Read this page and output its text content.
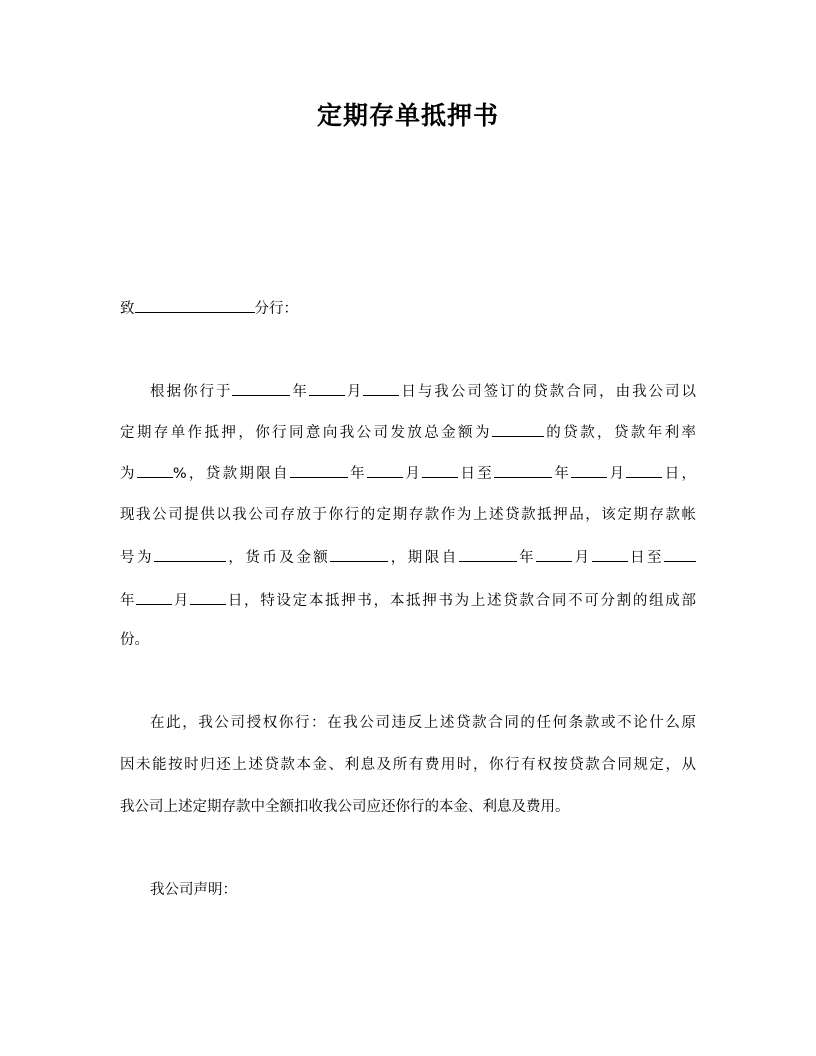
定期存单抵押书
致	分行：
根据你行于	年 月 日与我公司签订的贷款合同，由我公司以
定期存单作抵押，你行同意向我公司发放总金额为	的贷款，贷款年利率
为 %，贷款期限自	年 月 日至	年 月 日，
现我公司提供以我公司存放于你行的定期存款作为上述贷款抵押品，该定期存款帐
号为	，货币及金额	，期限自	年 月 日至
年 月 日，特设定本抵押书，本抵押书为上述贷款合同不可分割的组成部
份。
在此，我公司授权你行：在我公司违反上述贷款合同的任何条款或不论什么原
因未能按时归还上述贷款本金、利息及所有费用时，你行有权按贷款合同规定，从
我公司上述定期存款中全额扣收我公司应还你行的本金、利息及费用。
我公司声明：
